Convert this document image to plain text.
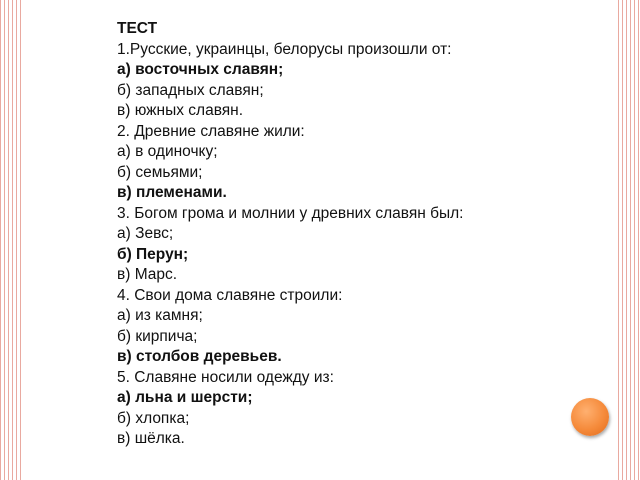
ТЕСТ
1.Русские, украинцы, белорусы произошли от:
а) восточных славян;
б) западных славян;
в) южных славян.
2. Древние славяне жили:
а) в одиночку;
б) семьями;
в) племенами.
3. Богом грома и молнии у древних славян был:
а) Зевс;
б) Перун;
в) Марс.
4. Свои дома славяне строили:
а) из камня;
б) кирпича;
в) столбов деревьев.
5. Славяне носили одежду из:
а) льна и шерсти;
б) хлопка;
в) шёлка.
